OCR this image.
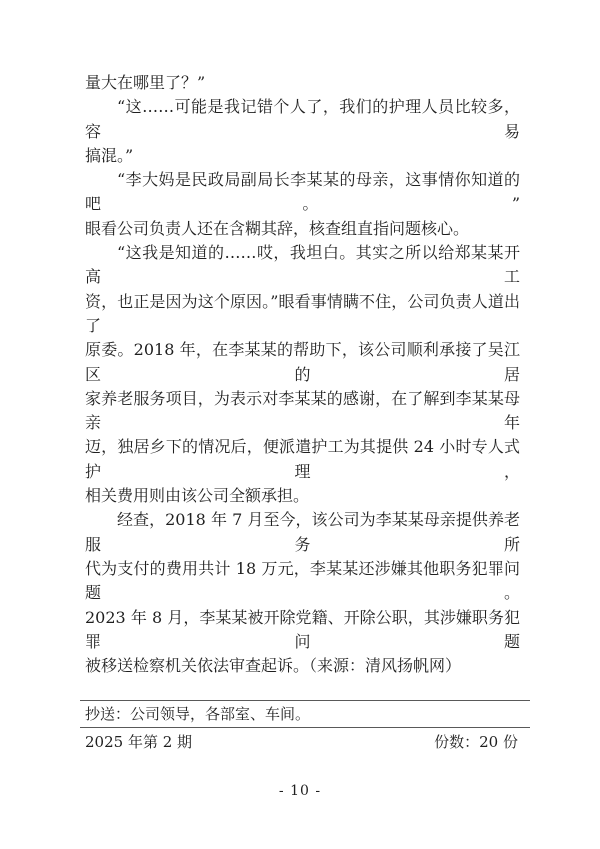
量大在哪里了？”
“这……可能是我记错个人了，我们的护理人员比较多，容易
搞混。”
“李大妈是民政局副局长李某某的母亲，这事情你知道的吧。”
眼看公司负责人还在含糊其辞，核查组直指问题核心。
“这我是知道的……哎，我坦白。其实之所以给郑某某开高工
资，也正是因为这个原因。”眼看事情瞒不住，公司负责人道出了
原委。2018 年，在李某某的帮助下，该公司顺利承接了吴江区的居
家养老服务项目，为表示对李某某的感谢，在了解到李某某母亲年
迈，独居乡下的情况后，便派遣护工为其提供 24 小时专人式护理，
相关费用则由该公司全额承担。
经查，2018 年 7 月至今，该公司为李某某母亲提供养老服务所
代为支付的费用共计 18 万元，李某某还涉嫌其他职务犯罪问题。
2023 年 8 月，李某某被开除党籍、开除公职，其涉嫌职务犯罪问题
被移送检察机关依法审查起诉。（来源：清风扬帆网）
抄送：公司领导，各部室、车间。
2025 年第 2 期	份数：20 份
- 10 -
